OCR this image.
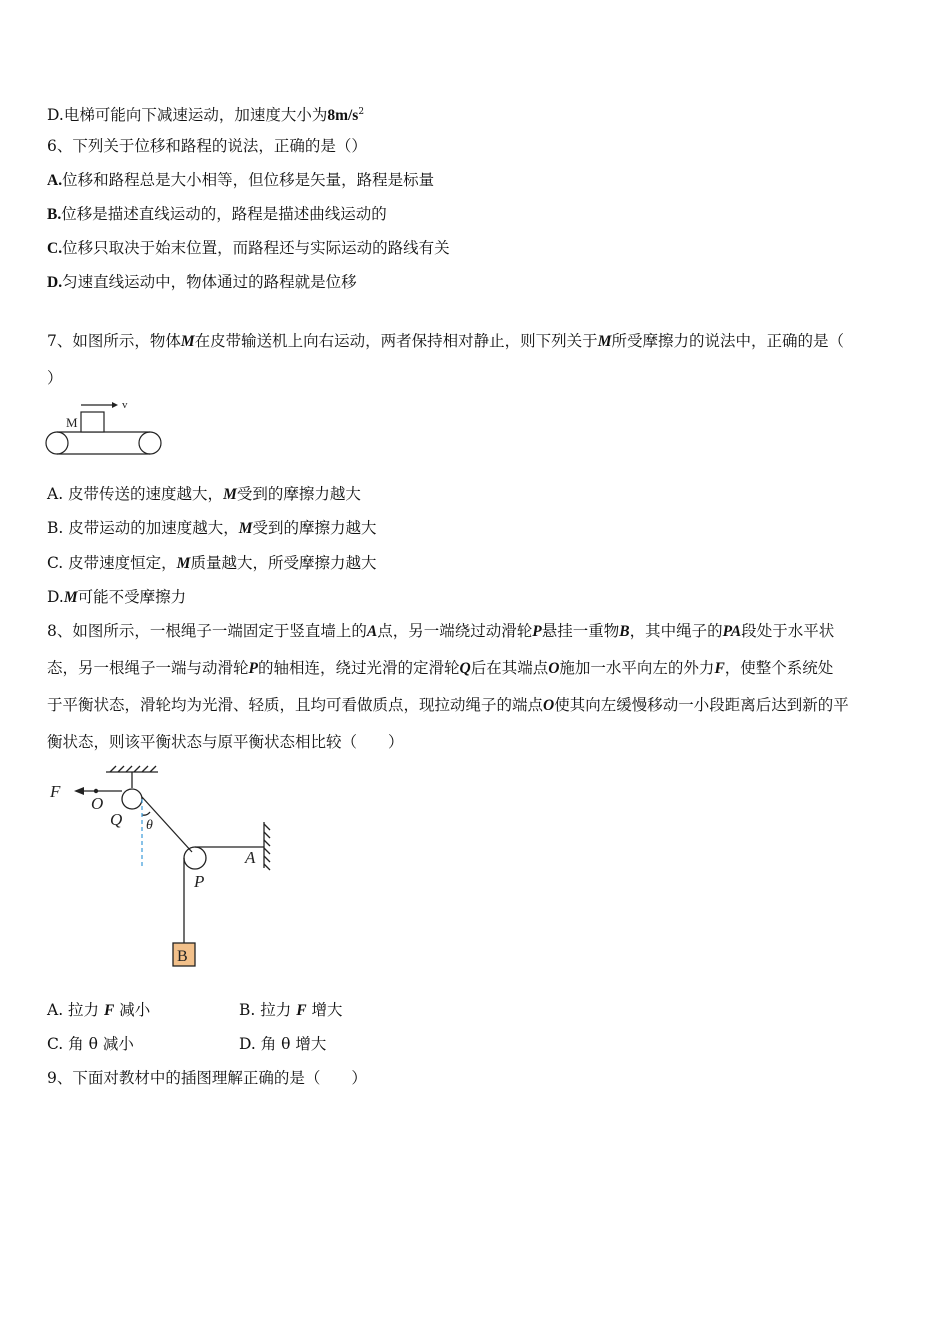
D.电梯可能向下减速运动，加速度大小为$8m/s^2$
6、下列关于位移和路程的说法，正确的是（）
A.位移和路程总是大小相等，但位移是矢量，路程是标量
B.位移是描述直线运动的，路程是描述曲线运动的
C.位移只取决于始末位置，而路程还与实际运动的路线有关
D.匀速直线运动中，物体通过的路程就是位移
7、如图所示，物体M在皮带输送机上向右运动，两者保持相对静止，则下列关于M所受摩擦力的说法中，正确的是（
）
M
v
A. 皮带传送的速度越大，M受到的摩擦力越大
B. 皮带运动的加速度越大，M受到的摩擦力越大
C. 皮带速度恒定，M质量越大，所受摩擦力越大
D.M可能不受摩擦力
8、如图所示，一根绳子一端固定于竖直墙上的A点，另一端绕过动滑轮P悬挂一重物B，其中绳子的PA段处于水平状
态，另一根绳子一端与动滑轮P的轴相连，绕过光滑的定滑轮Q后在其端点O施加一水平向左的外力F，使整个系统处
于平衡状态，滑轮均为光滑、轻质，且均可看做质点，现拉动绳子的端点O使其向左缓慢移动一小段距离后达到新的平
衡状态，则该平衡状态与原平衡状态相比较（　　）
F
O
Q θ
A
P
B
A. 拉力 F 减小	B. 拉力 F 增大
C. 角 θ 减小	D. 角 θ 增大
9、下面对教材中的插图理解正确的是（　　）
